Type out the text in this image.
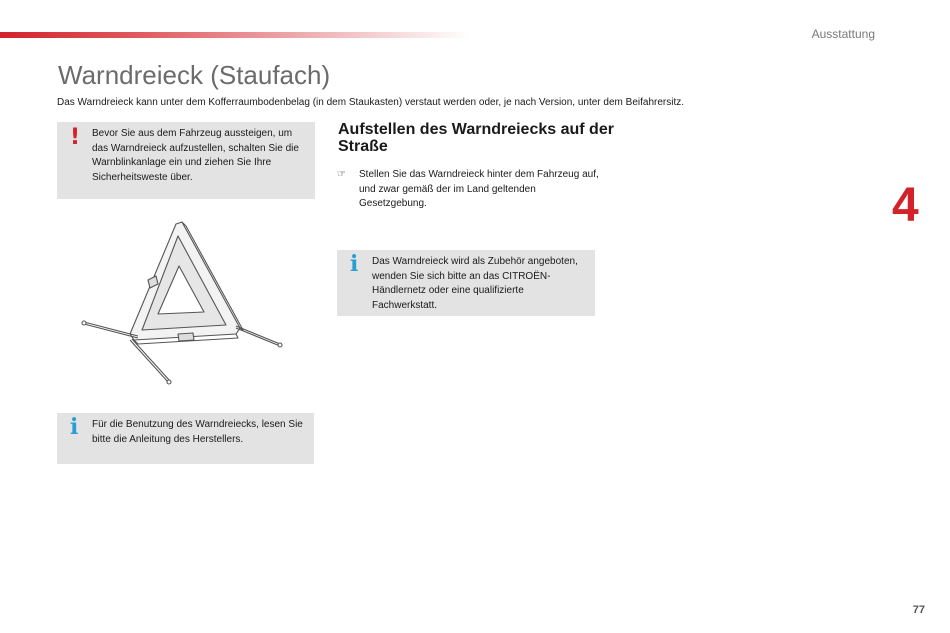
Ausstattung
Warndreieck (Staufach)
Das Warndreieck kann unter dem Kofferraumbodenbelag (in dem Staukasten) verstaut werden oder, je nach Version, unter dem Beifahrersitz.
! Bevor Sie aus dem Fahrzeug aussteigen, um das Warndreieck aufzustellen, schalten Sie die Warnblinkanlage ein und ziehen Sie Ihre Sicherheitsweste über.
i Für die Benutzung des Warndreiecks, lesen Sie bitte die Anleitung des Herstellers.
Aufstellen des Warndreiecks auf der Straße
☞ Stellen Sie das Warndreieck hinter dem Fahrzeug auf, und zwar gemäß der im Land geltenden Gesetzgebung.
i Das Warndreieck wird als Zubehör angeboten, wenden Sie sich bitte an das CITROËN-Händlernetz oder eine qualifizierte Fachwerkstatt.
4
77
